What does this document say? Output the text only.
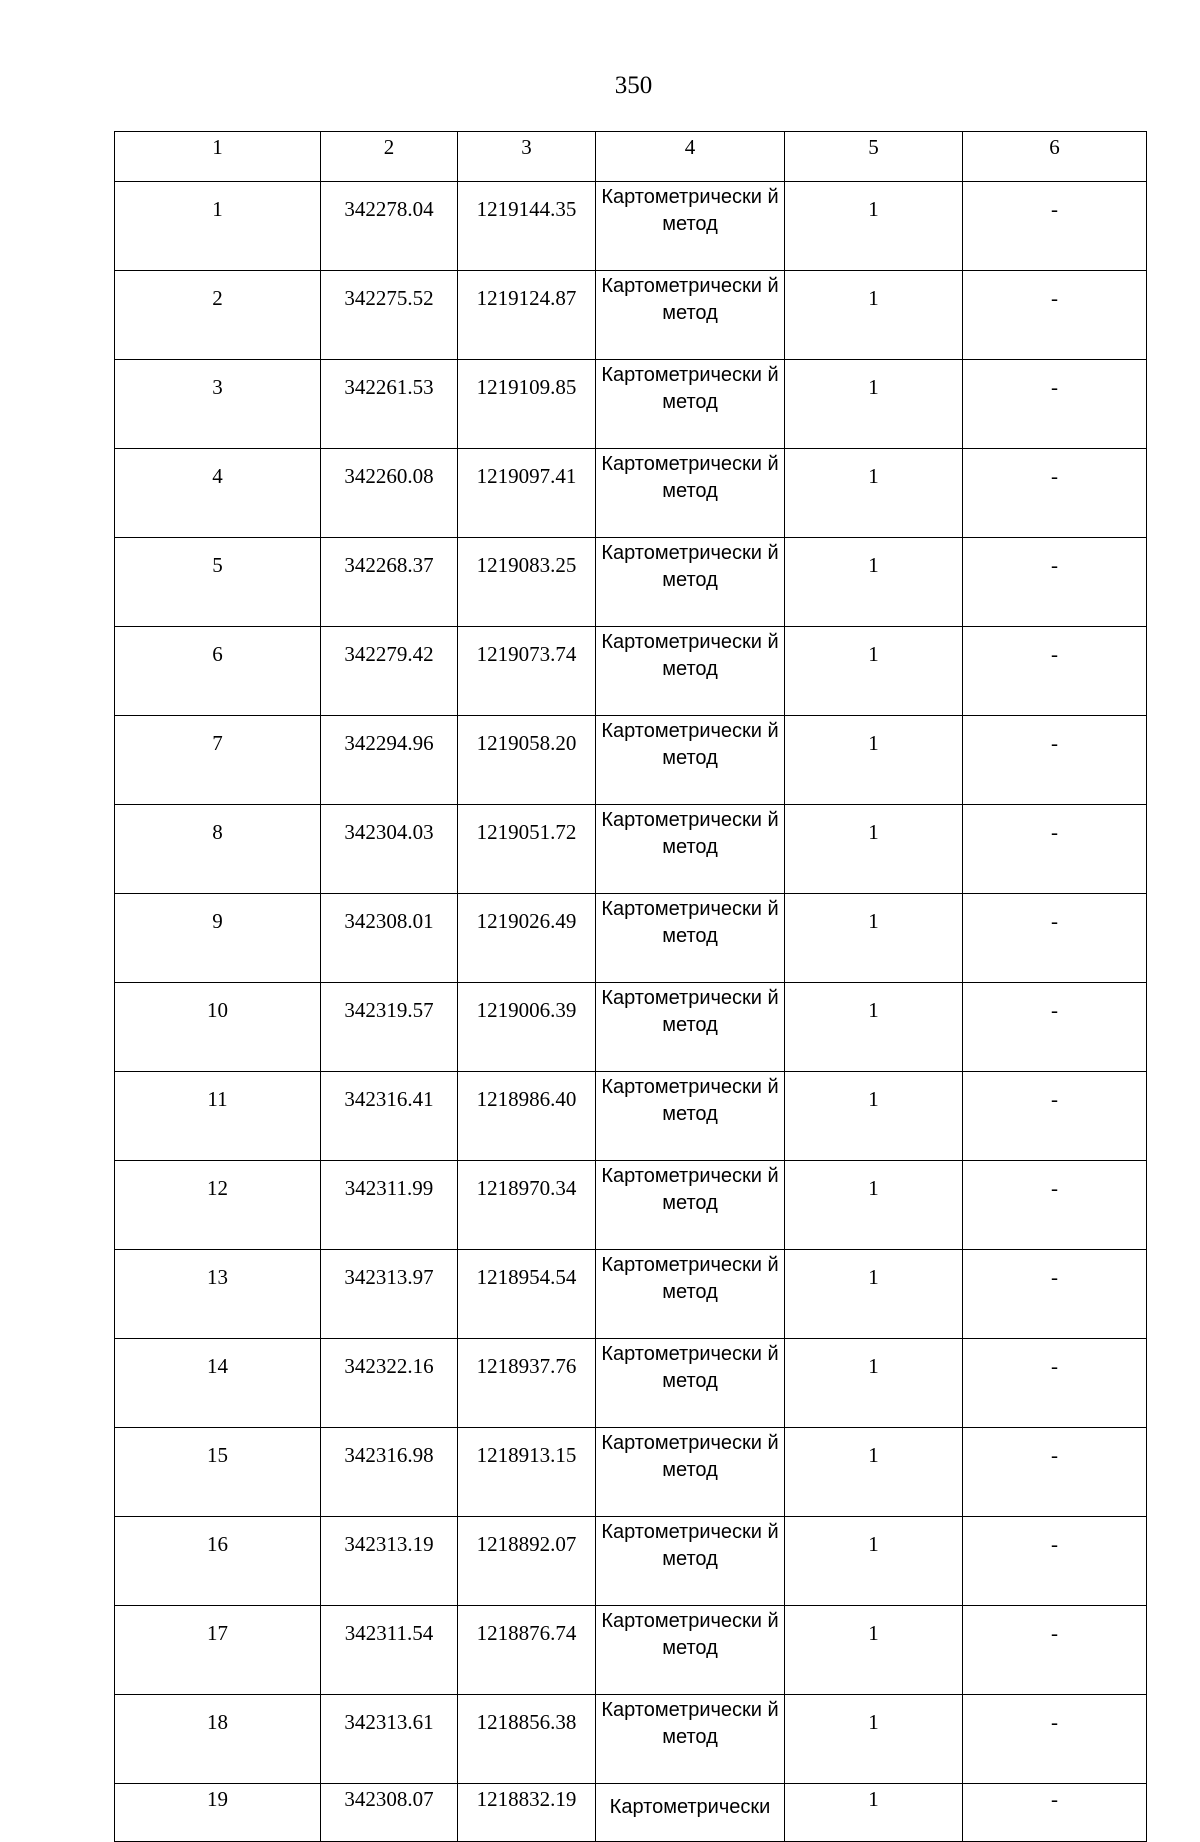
350
1	2	3	4	5	6
1	342278.04	1219144.35	Картометрически й метод	1	-
2	342275.52	1219124.87	Картометрически й метод	1	-
3	342261.53	1219109.85	Картометрически й метод	1	-
4	342260.08	1219097.41	Картометрически й метод	1	-
5	342268.37	1219083.25	Картометрически й метод	1	-
6	342279.42	1219073.74	Картометрически й метод	1	-
7	342294.96	1219058.20	Картометрически й метод	1	-
8	342304.03	1219051.72	Картометрически й метод	1	-
9	342308.01	1219026.49	Картометрически й метод	1	-
10	342319.57	1219006.39	Картометрически й метод	1	-
11	342316.41	1218986.40	Картометрически й метод	1	-
12	342311.99	1218970.34	Картометрически й метод	1	-
13	342313.97	1218954.54	Картометрически й метод	1	-
14	342322.16	1218937.76	Картометрически й метод	1	-
15	342316.98	1218913.15	Картометрически й метод	1	-
16	342313.19	1218892.07	Картометрически й метод	1	-
17	342311.54	1218876.74	Картометрически й метод	1	-
18	342313.61	1218856.38	Картометрически й метод	1	-
19	342308.07	1218832.19	Картометрически	1	-
